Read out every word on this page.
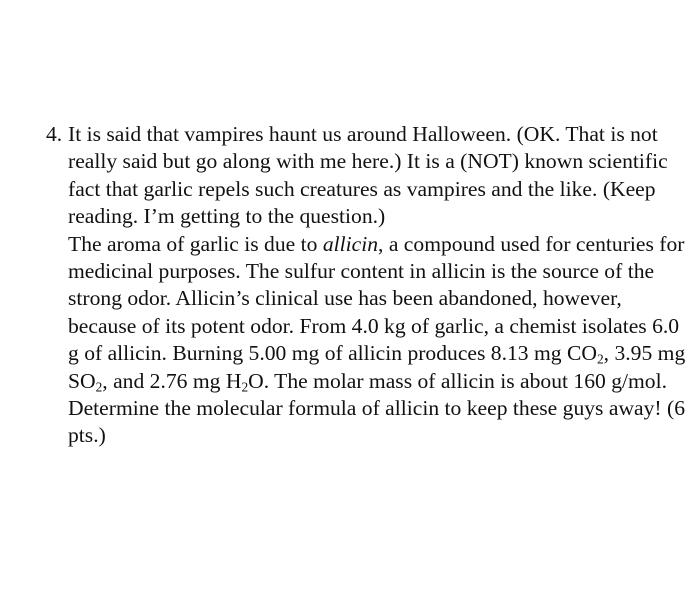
4. It is said that vampires haunt us around Halloween. (OK. That is not really said but go along with me here.) It is a (NOT) known scientific fact that garlic repels such creatures as vampires and the like. (Keep reading. I’m getting to the question.)

The aroma of garlic is due to allicin, a compound used for centuries for medicinal purposes. The sulfur content in allicin is the source of the strong odor. Allicin’s clinical use has been abandoned, however, because of its potent odor. From 4.0 kg of garlic, a chemist isolates 6.0 g of allicin. Burning 5.00 mg of allicin produces 8.13 mg $CO_2$, 3.95 mg $SO_2$, and 2.76 mg $H_2O$. The molar mass of allicin is about 160 g/mol. Determine the molecular formula of allicin to keep these guys away! (6 pts.)
